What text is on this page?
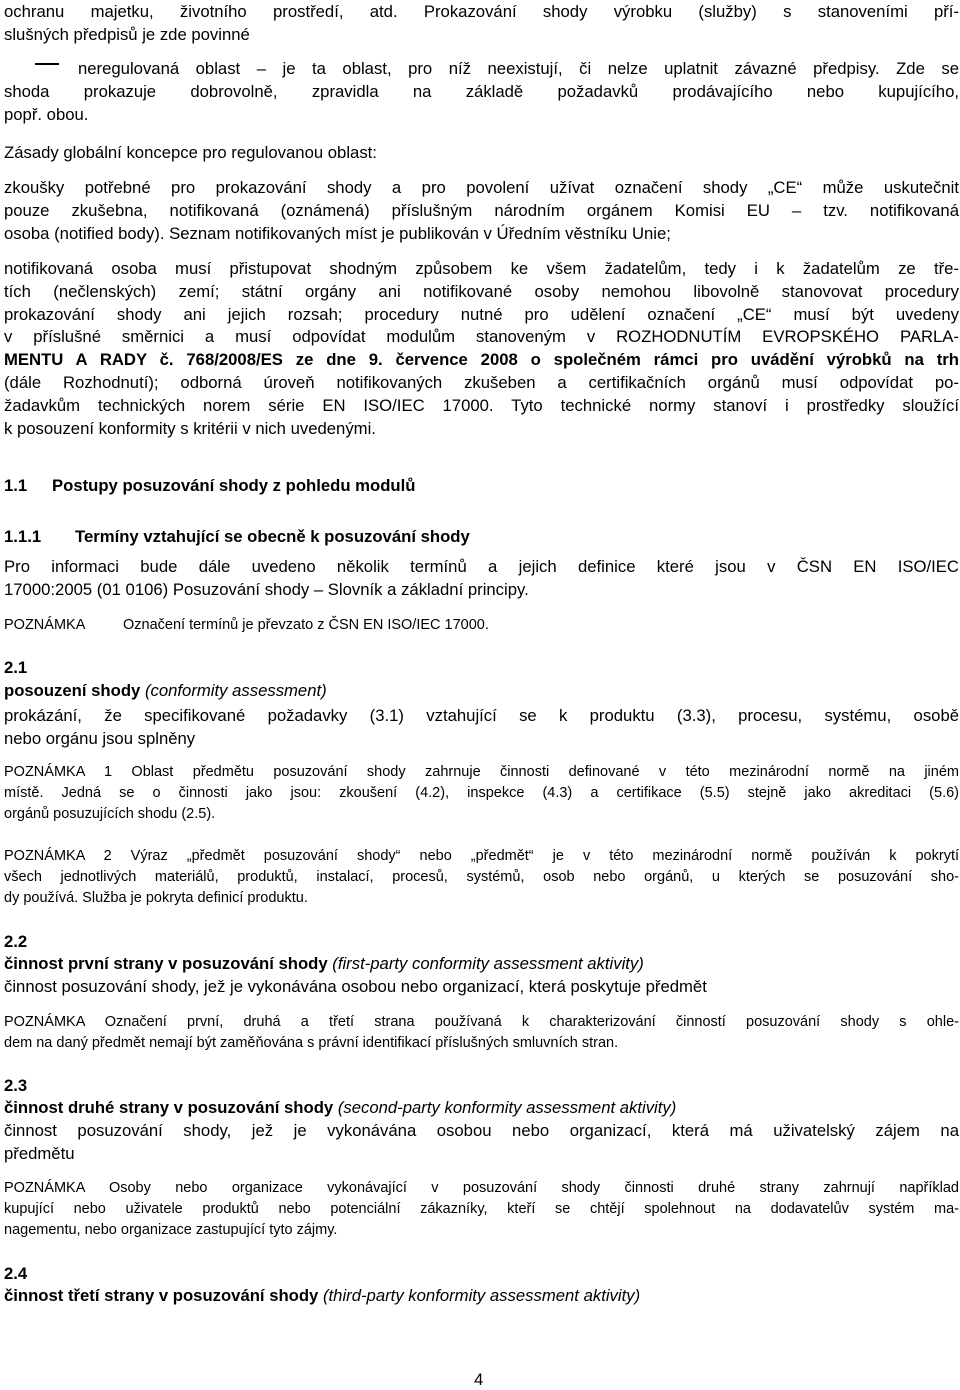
ochranu majetku, životního prostředí, atd. Prokazování shody výrobku (služby) s stanoveními pří-
slušných předpisů je zde povinné
neregulovaná oblast – je ta oblast, pro níž neexistují, či nelze uplatnit závazné předpisy. Zde se
shoda prokazuje dobrovolně, zpravidla na základě požadavků prodávajícího nebo kupujícího,
popř. obou.
Zásady globální koncepce pro regulovanou oblast:
zkoušky potřebné pro prokazování shody a pro povolení užívat označení shody „CE“ může uskutečnit
pouze zkušebna, notifikovaná (oznámená) příslušným národním orgánem Komisi EU – tzv. notifikovaná
osoba (notified body). Seznam notifikovaných míst je publikován v Úředním věstníku Unie;
notifikovaná osoba musí přistupovat shodným způsobem ke všem žadatelům, tedy i k žadatelům ze tře-
tích (nečlenských) zemí; státní orgány ani notifikované osoby nemohou libovolně stanovovat procedury
prokazování shody ani jejich rozsah; procedury nutné pro udělení označení „CE“ musí být uvedeny
v příslušné směrnici a musí odpovídat modulům stanoveným v ROZHODNUTÍM EVROPSKÉHO PARLA-
MENTU A RADY č. 768/2008/ES ze dne 9. července 2008 o společném rámci pro uvádění výrobků na trh
(dále Rozhodnutí); odborná úroveň notifikovaných zkušeben a certifikačních orgánů musí odpovídat po-
žadavkům technických norem série EN ISO/IEC 17000. Tyto technické normy stanoví i prostředky sloužící
k posouzení konformity s kritérii v nich uvedenými.
1.1 Postupy posuzování shody z pohledu modulů
1.1.1 Termíny vztahující se obecně k posuzování shody
Pro informaci bude dále uvedeno několik termínů a jejich definice které jsou v ČSN EN ISO/IEC
17000:2005 (01 0106) Posuzování shody – Slovník a základní principy.
POZNÁMKA	Označení termínů je převzato z ČSN EN ISO/IEC 17000.
2.1
posouzení shody (conformity assessment)
prokázání, že specifikované požadavky (3.1) vztahující se k produktu (3.3), procesu, systému, osobě
nebo orgánu jsou splněny
POZNÁMKA 1 Oblast předmětu posuzování shody zahrnuje činnosti definované v této mezinárodní normě na jiném
místě. Jedná se o činnosti jako jsou: zkoušení (4.2), inspekce (4.3) a certifikace (5.5) stejně jako akreditaci (5.6)
orgánů posuzujících shodu (2.5).
POZNÁMKA 2 Výraz „předmět posuzování shody“ nebo „předmět“ je v této mezinárodní normě používán k pokrytí
všech jednotlivých materiálů, produktů, instalací, procesů, systémů, osob nebo orgánů, u kterých se posuzování sho-
dy používá. Služba je pokryta definicí produktu.
2.2
činnost první strany v posuzování shody (first-party conformity assessment aktivity)
činnost posuzování shody, jež je vykonávána osobou nebo organizací, která poskytuje předmět
POZNÁMKA Označení první, druhá a třetí strana používaná k charakterizování činností posuzování shody s ohle-
dem na daný předmět nemají být zaměňována s právní identifikací příslušných smluvních stran.
2.3
činnost druhé strany v posuzování shody (second-party konformity assessment aktivity)
činnost posuzování shody, jež je vykonávána osobou nebo organizací, která má uživatelský zájem na
předmětu
POZNÁMKA Osoby nebo organizace vykonávající v posuzování shody činnosti druhé strany zahrnují například
kupující nebo uživatele produktů nebo potenciální zákazníky, kteří se chtějí spolehnout na dodavatelův systém ma-
nagementu, nebo organizace zastupující tyto zájmy.
2.4
činnost třetí strany v posuzování shody (third-party konformity assessment aktivity)
4
